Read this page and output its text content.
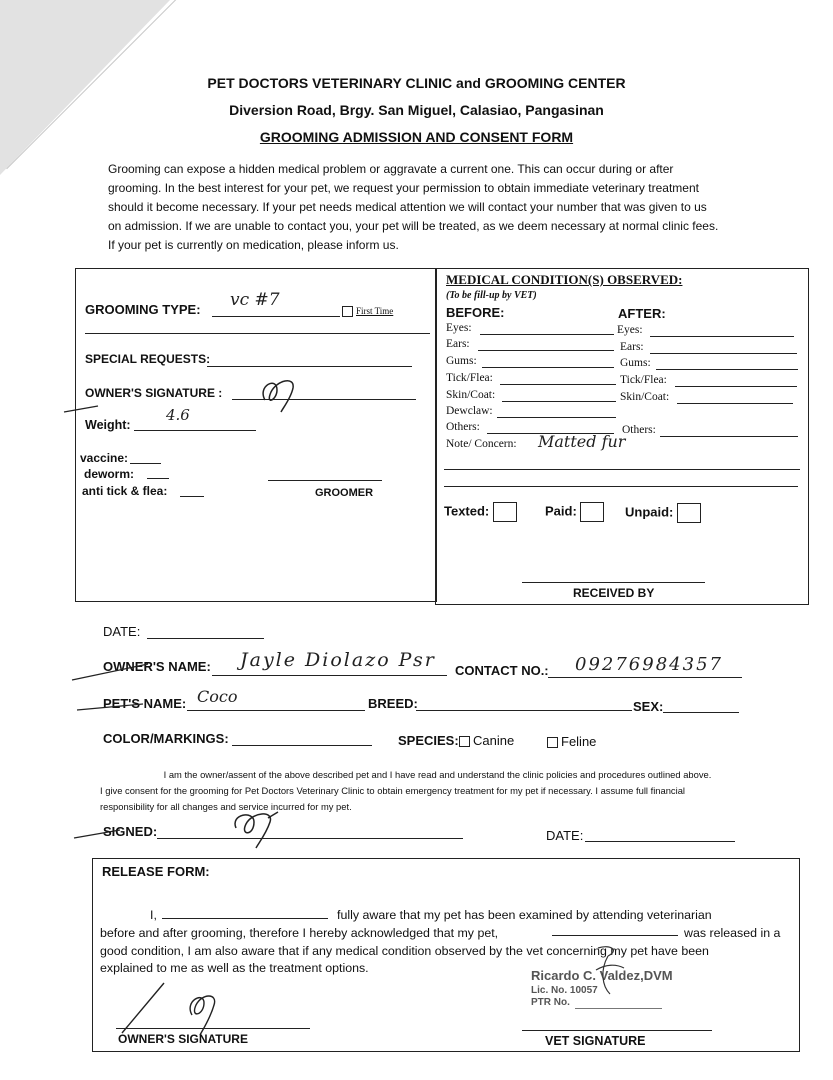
PET DOCTORS VETERINARY CLINIC and GROOMING CENTER
Diversion Road, Brgy. San Miguel, Calasiao, Pangasinan
GROOMING ADMISSION AND CONSENT FORM
Grooming can expose a hidden medical problem or aggravate a current one. This can occur during or after
grooming. In the best interest for your pet, we request your permission to obtain immediate veterinary treatment
should it become necessary. If your pet needs medical attention we will contact your number that was given to us
on admission. If we are unable to contact you, your pet will be treated, as we deem necessary at normal clinic fees.
If your pet is currently on medication, please inform us.
GROOMING TYPE: vc #7
First Time
SPECIAL REQUESTS:
OWNER'S SIGNATURE :
Weight:
4.6
vaccine:
deworm:
anti tick & flea:	GROOMER
MEDICAL CONDITION(S) OBSERVED:
(To be fill-up by VET)
BEFORE:	AFTER:
Eyes:	Eyes:
Ears:	Ears:
Gums:	Gums:
Tick/Flea:	Tick/Flea:
Skin/Coat:	Skin/Coat:
Dewclaw:
Others:	Others:
Note/ Concern: Matted fur
Texted:	Paid:	Unpaid:
RECEIVED BY
DATE:
OWNER'S NAME: Jayle Diolazo Psr CONTACT NO.: 09276984357
PET'S NAME: Coco	BREED:	SEX:
COLOR/MARKINGS:	SPECIES:	Canine	Feline
I am the owner/assent of the above described pet and I have read and understand the clinic policies and procedures outlined above.
I give consent for the grooming for Pet Doctors Veterinary Clinic to obtain emergency treatment for my pet if necessary. I assume full financial
responsibility for all changes and service incurred for my pet.
SIGNED:	DATE:
RELEASE FORM:
I,	fully aware that my pet has been examined by attending veterinarian
before and after grooming, therefore I hereby acknowledged that my pet,	was released in a
good condition, I am also aware that if any medical condition observed by the vet concerning my pet have been
explained to me as well as the treatment options.
OWNER'S SIGNATURE
Ricardo C. Valdez,DVM
Lic. No. 10057
PTR No.
VET SIGNATURE
